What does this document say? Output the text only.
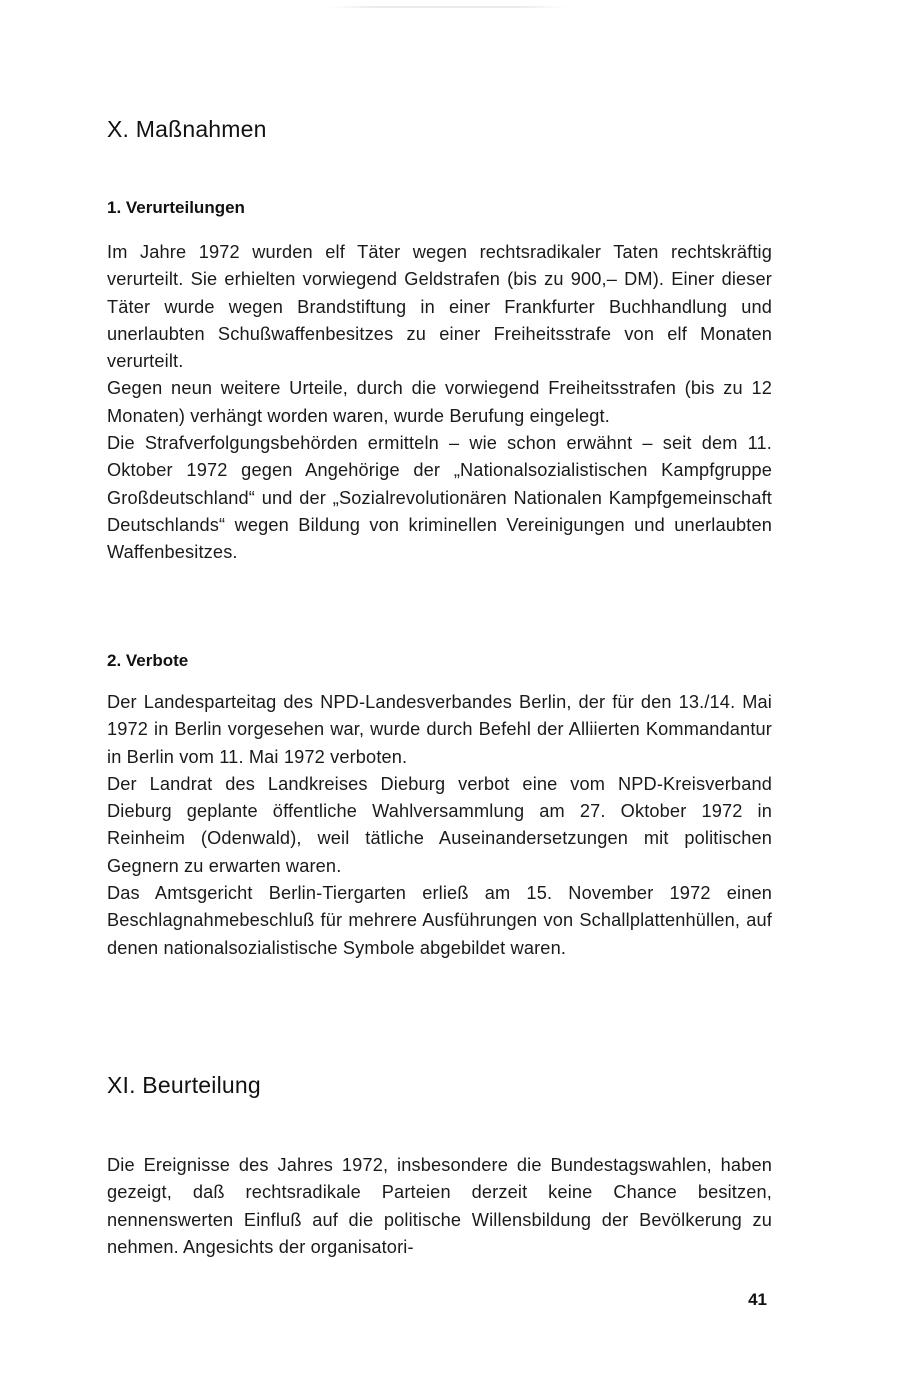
X. Maßnahmen
1. Verurteilungen

Im Jahre 1972 wurden elf Täter wegen rechtsradikaler Taten rechtskräftig verurteilt. Sie erhielten vorwiegend Geldstrafen (bis zu 900,– DM). Einer dieser Täter wurde wegen Brandstiftung in einer Frankfurter Buchhandlung und unerlaubten Schußwaffenbesitzes zu einer Freiheitsstrafe von elf Monaten verurteilt.

Gegen neun weitere Urteile, durch die vorwiegend Freiheitsstrafen (bis zu 12 Monaten) verhängt worden waren, wurde Berufung eingelegt.

Die Strafverfolgungsbehörden ermitteln – wie schon erwähnt – seit dem 11. Oktober 1972 gegen Angehörige der „Nationalsozialistischen Kampfgruppe Großdeutschland“ und der „Sozialrevolutionären Nationalen Kampfgemeinschaft Deutschlands“ wegen Bildung von kriminellen Vereinigungen und unerlaubten Waffenbesitzes.

2. Verbote

Der Landesparteitag des NPD-Landesverbandes Berlin, der für den 13./14. Mai 1972 in Berlin vorgesehen war, wurde durch Befehl der Alliierten Kommandantur in Berlin vom 11. Mai 1972 verboten.

Der Landrat des Landkreises Dieburg verbot eine vom NPD-Kreisverband Dieburg geplante öffentliche Wahlversammlung am 27. Oktober 1972 in Reinheim (Odenwald), weil tätliche Auseinandersetzungen mit politischen Gegnern zu erwarten waren.

Das Amtsgericht Berlin-Tiergarten erließ am 15. November 1972 einen Beschlagnahmebeschluß für mehrere Ausführungen von Schallplattenhüllen, auf denen nationalsozialistische Symbole abgebildet waren.

XI. Beurteilung

Die Ereignisse des Jahres 1972, insbesondere die Bundestagswahlen, haben gezeigt, daß rechtsradikale Parteien derzeit keine Chance besitzen, nennenswerten Einfluß auf die politische Willensbildung der Bevölkerung zu nehmen. Angesichts der organisatori-

41
